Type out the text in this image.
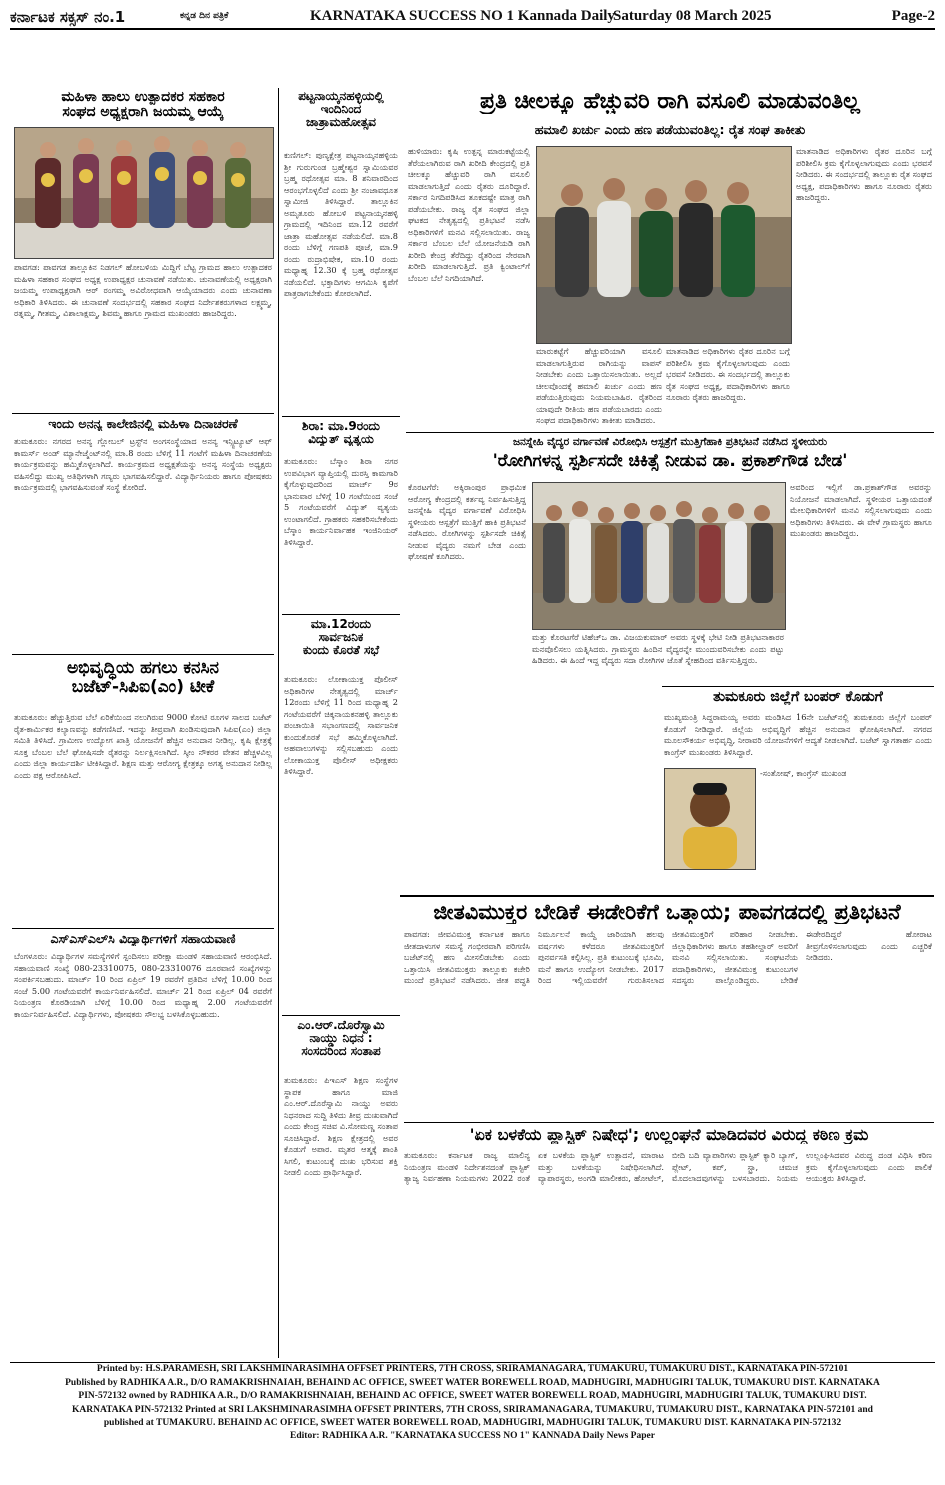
ಕರ್ನಾಟಕ ಸಕ್ಸಸ್ ನಂ.1	ಕನ್ನಡ ದಿನ ಪತ್ರಿಕೆ	KARNATAKA SUCCESS NO 1 Kannada Daily
Saturday 08 March 2025	Page-2
ಮಹಿಳಾ ಹಾಲು ಉತ್ಪಾದಕರ ಸಹಕಾರ
ಸಂಘದ ಅಧ್ಯಕ್ಷರಾಗಿ ಜಯಮ್ಮ ಆಯ್ಕೆ
ಪಾವಗಡ: ಪಾವಗಡ ತಾಲ್ಲೂಕಿನ ನಿಡಗಲ್ ಹೋಬಳಿಯ ಮಿದ್ದಿಗೆ ಬೆಟ್ಟ ಗ್ರಾಮದ ಹಾಲು ಉತ್ಪಾದಕರ ಮಹಿಳಾ ಸಹಕಾರ ಸಂಘದ ಅಧ್ಯಕ್ಷ ಉಪಾಧ್ಯಕ್ಷರ ಚುನಾವಣೆ ನಡೆಯಿತು. ಚುನಾವಣೆಯಲ್ಲಿ ಅಧ್ಯಕ್ಷರಾಗಿ ಜಯಮ್ಮ ಉಪಾಧ್ಯಕ್ಷರಾಗಿ ಆರ್ ರಂಗಮ್ಮ ಅವಿರೋಧವಾಗಿ ಆಯ್ಕೆಯಾದರು ಎಂದು ಚುನಾವಣಾ ಅಧಿಕಾರಿ ತಿಳಿಸಿದರು. ಈ ಚುನಾವಣೆ ಸಂದರ್ಭದಲ್ಲಿ ಸಹಕಾರ ಸಂಘದ ನಿರ್ದೇಶಕರುಗಳಾದ ಲಕ್ಷ್ಮಮ್ಮ, ರತ್ನಮ್ಮ, ಗೀತಮ್ಮ, ವಿಶಾಲಾಕ್ಷಮ್ಮ, ಶಿವಮ್ಮ ಹಾಗೂ ಗ್ರಾಮದ ಮುಖಂಡರು ಹಾಜರಿದ್ದರು.
ಇಂದು ಅನನ್ಯ ಕಾಲೇಜಿನಲ್ಲಿ ಮಹಿಳಾ ದಿನಾಚರಣೆ
ತುಮಕೂರು: ನಗರದ ಅನನ್ಯ ಗ್ಲೋಬಲ್ ಟ್ರಸ್ಟ್‌ನ ಅಂಗಸಂಸ್ಥೆಯಾದ ಅನನ್ಯ ಇನ್ಸ್ಟಿಟ್ಯೂಟ್ ಆಫ್ ಕಾಮರ್ಸ್ ಅಂಡ್ ಮ್ಯಾನೇಜ್ಮೆಂಟ್‌ನಲ್ಲಿ ಮಾ.8 ರಂದು ಬೆಳಿಗ್ಗೆ 11 ಗಂಟೆಗೆ ಮಹಿಳಾ ದಿನಾಚರಣೆಯ ಕಾರ್ಯಕ್ರಮವನ್ನು ಹಮ್ಮಿಕೊಳ್ಳಲಾಗಿದೆ. ಕಾರ್ಯಕ್ರಮದ ಅಧ್ಯಕ್ಷತೆಯನ್ನು ಅನನ್ಯ ಸಂಸ್ಥೆಯ ಅಧ್ಯಕ್ಷರು ವಹಿಸಲಿದ್ದು ಮುಖ್ಯ ಅತಿಥಿಗಳಾಗಿ ಗಣ್ಯರು ಭಾಗವಹಿಸಲಿದ್ದಾರೆ. ವಿದ್ಯಾರ್ಥಿನಿಯರು ಹಾಗೂ ಪೋಷಕರು ಕಾರ್ಯಕ್ರಮದಲ್ಲಿ ಭಾಗವಹಿಸುವಂತೆ ಸಂಸ್ಥೆ ಕೋರಿದೆ.
ಅಭಿವೃದ್ಧಿಯ ಹಗಲು ಕನಸಿನ
ಬಜೆಟ್-ಸಿಪಿಐ(ಎಂ) ಟೀಕೆ
ತುಮಕೂರು: ಹೆಚ್ಚುತ್ತಿರುವ ಬೆಲೆ ಏರಿಕೆಯಿಂದ ನಲುಗಿರುವ 9000 ಕೋಟಿ ರೂಗಳ ಸಾಲದ ಬಜೆಟ್ ರೈತ-ಕಾರ್ಮಿಕರ ಕಲ್ಯಾಣವನ್ನು ಕಡೆಗಣಿಸಿದೆ. ಇದನ್ನು ತೀವ್ರವಾಗಿ ಖಂಡಿಸುವುದಾಗಿ ಸಿಪಿಐ(ಎಂ) ಜಿಲ್ಲಾ ಸಮಿತಿ ತಿಳಿಸಿದೆ. ಗ್ರಾಮೀಣ ಉದ್ಯೋಗ ಖಾತ್ರಿ ಯೋಜನೆಗೆ ಹೆಚ್ಚಿನ ಅನುದಾನ ನೀಡಿಲ್ಲ. ಕೃಷಿ ಕ್ಷೇತ್ರಕ್ಕೆ ಸೂಕ್ತ ಬೆಂಬಲ ಬೆಲೆ ಘೋಷಿಸದೇ ರೈತರನ್ನು ನಿರ್ಲಕ್ಷಿಸಲಾಗಿದೆ. ಸ್ಕೀಂ ನೌಕರರ ವೇತನ ಹೆಚ್ಚಳವಿಲ್ಲ ಎಂದು ಜಿಲ್ಲಾ ಕಾರ್ಯದರ್ಶಿ ಟೀಕಿಸಿದ್ದಾರೆ. ಶಿಕ್ಷಣ ಮತ್ತು ಆರೋಗ್ಯ ಕ್ಷೇತ್ರಕ್ಕೂ ಅಗತ್ಯ ಅನುದಾನ ನೀಡಿಲ್ಲ ಎಂದು ಪಕ್ಷ ಆರೋಪಿಸಿದೆ.
ಎಸ್‌ಎಸ್‌ಎಲ್‌ಸಿ ವಿದ್ಯಾರ್ಥಿಗಳಿಗೆ ಸಹಾಯವಾಣಿ
ಬೆಂಗಳೂರು: ವಿದ್ಯಾರ್ಥಿಗಳ ಸಮಸ್ಯೆಗಳಿಗೆ ಸ್ಪಂದಿಸಲು ಪರೀಕ್ಷಾ ಮಂಡಳಿ ಸಹಾಯವಾಣಿ ಆರಂಭಿಸಿದೆ. ಸಹಾಯವಾಣಿ ಸಂಖ್ಯೆ 080-23310075, 080-23310076 ದೂರವಾಣಿ ಸಂಖ್ಯೆಗಳನ್ನು ಸಂಪರ್ಕಿಸಬಹುದು. ಮಾರ್ಚ್ 10 ರಿಂದ ಏಪ್ರಿಲ್ 19 ರವರೆಗೆ ಪ್ರತಿದಿನ ಬೆಳಿಗ್ಗೆ 10.00 ರಿಂದ ಸಂಜೆ 5.00 ಗಂಟೆಯವರೆಗೆ ಕಾರ್ಯನಿರ್ವಹಿಸಲಿದೆ. ಮಾರ್ಚ್ 21 ರಿಂದ ಏಪ್ರಿಲ್ 04 ರವರೆಗೆ ನಿಯಂತ್ರಣ ಕೊಠಡಿಯಾಗಿ ಬೆಳಿಗ್ಗೆ 10.00 ರಿಂದ ಮಧ್ಯಾಹ್ನ 2.00 ಗಂಟೆಯವರೆಗೆ ಕಾರ್ಯನಿರ್ವಹಿಸಲಿದೆ. ವಿದ್ಯಾರ್ಥಿಗಳು, ಪೋಷಕರು ಸೌಲಭ್ಯ ಬಳಸಿಕೊಳ್ಳಬಹುದು.
ಪಟ್ಟನಾಯ್ಕನಹಳ್ಳಿಯಲ್ಲಿ
ಇಂದಿನಿಂದ
ಜಾತ್ರಾಮಹೋತ್ಸವ
ಕುಣಿಗಲ್: ಪುಣ್ಯಕ್ಷೇತ್ರ ಪಟ್ಟನಾಯ್ಕನಹಳ್ಳಿಯ ಶ್ರೀ ಗುರುಗುಂಡ ಬ್ರಹ್ಮೇಶ್ವರ ಸ್ವಾಮಿಯವರ ಬ್ರಹ್ಮ ರಥೋತ್ಸವ ಮಾ. 8 ಶನಿವಾರದಿಂದ ಆರಂಭಗೊಳ್ಳಲಿದೆ ಎಂದು ಶ್ರೀ ನಂಜಾವಧೂತ ಸ್ವಾಮೀಜಿ ತಿಳಿಸಿದ್ದಾರೆ. ತಾಲ್ಲೂಕಿನ ಅಮೃತೂರು ಹೋಬಳಿ ಪಟ್ಟನಾಯ್ಕನಹಳ್ಳಿ ಗ್ರಾಮದಲ್ಲಿ ಇದಿನಿಂದ ಮಾ.12 ರವರೆಗೆ ಜಾತ್ರಾ ಮಹೋತ್ಸವ ನಡೆಯಲಿದೆ. ಮಾ.8 ರಂದು ಬೆಳಿಗ್ಗೆ ಗಣಪತಿ ಪೂಜೆ, ಮಾ.9 ರಂದು ರುದ್ರಾಭಿಷೇಕ, ಮಾ.10 ರಂದು ಮಧ್ಯಾಹ್ನ 12.30 ಕ್ಕೆ ಬ್ರಹ್ಮ ರಥೋತ್ಸವ ನಡೆಯಲಿದೆ. ಭಕ್ತಾದಿಗಳು ಆಗಮಿಸಿ ಕೃಪೆಗೆ ಪಾತ್ರರಾಗಬೇಕೆಂದು ಕೋರಲಾಗಿದೆ.
ಶಿರಾ: ಮಾ.9ರಂದು
ವಿದ್ಯುತ್ ವ್ಯತ್ಯಯ
ತುಮಕೂರು: ಬೆಸ್ಕಾಂ ಶಿರಾ ನಗರ ಉಪವಿಭಾಗ ವ್ಯಾಪ್ತಿಯಲ್ಲಿ ದುರಸ್ತಿ ಕಾಮಗಾರಿ ಕೈಗೊಳ್ಳುವುದರಿಂದ ಮಾರ್ಚ್ 9ರ ಭಾನುವಾರ ಬೆಳಿಗ್ಗೆ 10 ಗಂಟೆಯಿಂದ ಸಂಜೆ 5 ಗಂಟೆಯವರೆಗೆ ವಿದ್ಯುತ್ ವ್ಯತ್ಯಯ ಉಂಟಾಗಲಿದೆ. ಗ್ರಾಹಕರು ಸಹಕರಿಸಬೇಕೆಂದು ಬೆಸ್ಕಾಂ ಕಾರ್ಯನಿರ್ವಾಹಕ ಇಂಜಿನಿಯರ್ ತಿಳಿಸಿದ್ದಾರೆ.
ಮಾ.12ರಂದು
ಸಾರ್ವಜನಿಕ
ಕುಂದು ಕೊರತೆ ಸಭೆ
ತುಮಕೂರು: ಲೋಕಾಯುಕ್ತ ಪೊಲೀಸ್ ಅಧಿಕಾರಿಗಳ ನೇತೃತ್ವದಲ್ಲಿ ಮಾರ್ಚ್ 12ರಂದು ಬೆಳಿಗ್ಗೆ 11 ರಿಂದ ಮಧ್ಯಾಹ್ನ 2 ಗಂಟೆಯವರೆಗೆ ಚಿಕ್ಕನಾಯಕನಹಳ್ಳಿ ತಾಲ್ಲೂಕು ಪಂಚಾಯಿತಿ ಸಭಾಂಗಣದಲ್ಲಿ ಸಾರ್ವಜನಿಕ ಕುಂದುಕೊರತೆ ಸಭೆ ಹಮ್ಮಿಕೊಳ್ಳಲಾಗಿದೆ. ಅಹವಾಲುಗಳನ್ನು ಸಲ್ಲಿಸಬಹುದು ಎಂದು ಲೋಕಾಯುಕ್ತ ಪೊಲೀಸ್ ಅಧೀಕ್ಷಕರು ತಿಳಿಸಿದ್ದಾರೆ.
ಪ್ರತಿ ಚೀಲಕ್ಕೂ ಹೆಚ್ಚುವರಿ ರಾಗಿ ವಸೂಲಿ ಮಾಡುವಂತಿಲ್ಲ
ಹಮಾಲಿ ಖರ್ಚು ಎಂದು ಹಣ ಪಡೆಯುವಂತಿಲ್ಲ: ರೈತ ಸಂಘ ತಾಕೀತು
ಹುಳಿಯಾರು: ಕೃಷಿ ಉತ್ಪನ್ನ ಮಾರುಕಟ್ಟೆಯಲ್ಲಿ ತೆರೆಯಲಾಗಿರುವ ರಾಗಿ ಖರೀದಿ ಕೇಂದ್ರದಲ್ಲಿ ಪ್ರತಿ ಚೀಲಕ್ಕೂ ಹೆಚ್ಚುವರಿ ರಾಗಿ ವಸೂಲಿ ಮಾಡಲಾಗುತ್ತಿದೆ ಎಂದು ರೈತರು ದೂರಿದ್ದಾರೆ. ಸರ್ಕಾರ ನಿಗದಿಪಡಿಸಿದ ತೂಕದಷ್ಟೇ ಮಾತ್ರ ರಾಗಿ ಪಡೆಯಬೇಕು. ರಾಜ್ಯ ರೈತ ಸಂಘದ ಜಿಲ್ಲಾ ಘಟಕದ ನೇತೃತ್ವದಲ್ಲಿ ಪ್ರತಿಭಟನೆ ನಡೆಸಿ ಅಧಿಕಾರಿಗಳಿಗೆ ಮನವಿ ಸಲ್ಲಿಸಲಾಯಿತು. ರಾಜ್ಯ ಸರ್ಕಾರ ಬೆಂಬಲ ಬೆಲೆ ಯೋಜನೆಯಡಿ ರಾಗಿ ಖರೀದಿ ಕೇಂದ್ರ ತೆರೆದಿದ್ದು ರೈತರಿಂದ ನೇರವಾಗಿ ಖರೀದಿ ಮಾಡಲಾಗುತ್ತಿದೆ. ಪ್ರತಿ ಕ್ವಿಂಟಾಲ್‌ಗೆ ಬೆಂಬಲ ಬೆಲೆ ನಿಗದಿಯಾಗಿದೆ.
ಮಾರುಕಟ್ಟೆಗೆ ಹೆಚ್ಚುವರಿಯಾಗಿ ವಸೂಲಿ ಮಾಡಲಾಗುತ್ತಿರುವ ರಾಗಿಯನ್ನು ವಾಪಸ್ ನೀಡಬೇಕು ಎಂದು ಒತ್ತಾಯಿಸಲಾಯಿತು. ಅಲ್ಲದೆ ಚೀಲವೊಂದಕ್ಕೆ ಹಮಾಲಿ ಖರ್ಚು ಎಂದು ಹಣ ಪಡೆಯುತ್ತಿರುವುದು ನಿಯಮಬಾಹಿರ. ರೈತರಿಂದ ಯಾವುದೇ ರೀತಿಯ ಹಣ ಪಡೆಯಬಾರದು ಎಂದು ಸಂಘದ ಪದಾಧಿಕಾರಿಗಳು ತಾಕೀತು ಮಾಡಿದರು.
ಮಾತನಾಡಿದ ಅಧಿಕಾರಿಗಳು ರೈತರ ದೂರಿನ ಬಗ್ಗೆ ಪರಿಶೀಲಿಸಿ ಕ್ರಮ ಕೈಗೊಳ್ಳಲಾಗುವುದು ಎಂದು ಭರವಸೆ ನೀಡಿದರು. ಈ ಸಂದರ್ಭದಲ್ಲಿ ತಾಲ್ಲೂಕು ರೈತ ಸಂಘದ ಅಧ್ಯಕ್ಷ, ಪದಾಧಿಕಾರಿಗಳು ಹಾಗೂ ನೂರಾರು ರೈತರು ಹಾಜರಿದ್ದರು.
ಮಾತನಾಡಿದ ಅಧಿಕಾರಿಗಳು ರೈತರ ದೂರಿನ ಬಗ್ಗೆ ಪರಿಶೀಲಿಸಿ ಕ್ರಮ ಕೈಗೊಳ್ಳಲಾಗುವುದು ಎಂದು ಭರವಸೆ ನೀಡಿದರು. ಈ ಸಂದರ್ಭದಲ್ಲಿ ತಾಲ್ಲೂಕು ರೈತ ಸಂಘದ ಅಧ್ಯಕ್ಷ, ಪದಾಧಿಕಾರಿಗಳು ಹಾಗೂ ನೂರಾರು ರೈತರು ಹಾಜರಿದ್ದರು.
ಜನಸ್ನೇಹಿ ವೈದ್ಯರ ವರ್ಗಾವಣೆ ವಿರೋಧಿಸಿ ಆಸ್ಪತ್ರೆಗೆ ಮುತ್ತಿಗೆಹಾಕಿ ಪ್ರತಿಭಟನೆ ನಡೆಸಿದ ಸ್ಥಳೀಯರು
'ರೋಗಿಗಳನ್ನ ಸ್ಪರ್ಶಿಸದೇ ಚಿಕಿತ್ಸೆ ನೀಡುವ ಡಾ. ಪ್ರಕಾಶ್‌ಗೌಡ ಬೇಡ'
ಕೊರಟಗೆರೆ: ಅಕ್ಕಿರಾಂಪುರ ಪ್ರಾಥಮಿಕ ಆರೋಗ್ಯ ಕೇಂದ್ರದಲ್ಲಿ ಕರ್ತವ್ಯ ನಿರ್ವಹಿಸುತ್ತಿದ್ದ ಜನಸ್ನೇಹಿ ವೈದ್ಯರ ವರ್ಗಾವಣೆ ವಿರೋಧಿಸಿ ಸ್ಥಳೀಯರು ಆಸ್ಪತ್ರೆಗೆ ಮುತ್ತಿಗೆ ಹಾಕಿ ಪ್ರತಿಭಟನೆ ನಡೆಸಿದರು. ರೋಗಿಗಳನ್ನು ಸ್ಪರ್ಶಿಸದೇ ಚಿಕಿತ್ಸೆ ನೀಡುವ ವೈದ್ಯರು ನಮಗೆ ಬೇಡ ಎಂದು ಘೋಷಣೆ ಕೂಗಿದರು.
ಮತ್ತು ಕೊರಟಗೆರೆ ಟಿಹೆಚ್‌ಒ ಡಾ. ವಿಜಯಕುಮಾರ್ ಅವರು ಸ್ಥಳಕ್ಕೆ ಭೇಟಿ ನೀಡಿ ಪ್ರತಿಭಟನಾಕಾರರ ಮನವೊಲಿಸಲು ಯತ್ನಿಸಿದರು. ಗ್ರಾಮಸ್ಥರು ಹಿಂದಿನ ವೈದ್ಯರನ್ನೇ ಮುಂದುವರಿಸಬೇಕು ಎಂದು ಪಟ್ಟು ಹಿಡಿದರು. ಈ ಹಿಂದೆ ಇದ್ದ ವೈದ್ಯರು ಸದಾ ರೋಗಿಗಳ ಜೊತೆ ಸ್ನೇಹದಿಂದ ವರ್ತಿಸುತ್ತಿದ್ದರು.
ಅವರಿಂದ ಇಲ್ಲಿಗೆ ಡಾ.ಪ್ರಕಾಶ್‌ಗೌಡ ಅವರನ್ನು ನಿಯೋಜನೆ ಮಾಡಲಾಗಿದೆ. ಸ್ಥಳೀಯರ ಒತ್ತಾಯದಂತೆ ಮೇಲಧಿಕಾರಿಗಳಿಗೆ ಮನವಿ ಸಲ್ಲಿಸಲಾಗುವುದು ಎಂದು ಅಧಿಕಾರಿಗಳು ತಿಳಿಸಿದರು. ಈ ವೇಳೆ ಗ್ರಾಮಸ್ಥರು ಹಾಗೂ ಮುಖಂಡರು ಹಾಜರಿದ್ದರು.
ತುಮಕೂರು ಜಿಲ್ಲೆಗೆ ಬಂಪರ್ ಕೊಡುಗೆ
ಮುಖ್ಯಮಂತ್ರಿ ಸಿದ್ದರಾಮಯ್ಯ ಅವರು ಮಂಡಿಸಿದ 16ನೇ ಬಜೆಟ್‌ನಲ್ಲಿ ತುಮಕೂರು ಜಿಲ್ಲೆಗೆ ಬಂಪರ್ ಕೊಡುಗೆ ನೀಡಿದ್ದಾರೆ. ಜಿಲ್ಲೆಯ ಅಭಿವೃದ್ಧಿಗೆ ಹೆಚ್ಚಿನ ಅನುದಾನ ಘೋಷಿಸಲಾಗಿದೆ. ನಗರದ ಮೂಲಸೌಕರ್ಯ ಅಭಿವೃದ್ಧಿ, ನೀರಾವರಿ ಯೋಜನೆಗಳಿಗೆ ಆದ್ಯತೆ ನೀಡಲಾಗಿದೆ. ಬಜೆಟ್ ಸ್ವಾಗತಾರ್ಹ ಎಂದು ಕಾಂಗ್ರೆಸ್ ಮುಖಂಡರು ತಿಳಿಸಿದ್ದಾರೆ.
-ಸಂತೋಷ್, ಕಾಂಗ್ರೆಸ್ ಮುಖಂಡ
ಜೀತವಿಮುಕ್ತರ ಬೇಡಿಕೆ ಈಡೇರಿಕೆಗೆ ಒತ್ತಾಯ; ಪಾವಗಡದಲ್ಲಿ ಪ್ರತಿಭಟನೆ
ಪಾವಗಡ: ಜೀವವಿಮುಕ್ತ ಕರ್ನಾಟಕ ಹಾಗೂ ಜೀತದಾಳುಗಳ ಸಮಸ್ಯೆ ಗಂಭೀರವಾಗಿ ಪರಿಗಣಿಸಿ ಬಜೆಟ್‌ನಲ್ಲಿ ಹಣ ಮೀಸಲಿಡಬೇಕು ಎಂದು ಒತ್ತಾಯಿಸಿ ಜೀತವಿಮುಕ್ತರು ತಾಲ್ಲೂಕು ಕಚೇರಿ ಮುಂದೆ ಪ್ರತಿಭಟನೆ ನಡೆಸಿದರು. ಜೀತ ಪದ್ಧತಿ ನಿರ್ಮೂಲನೆ ಕಾಯ್ದೆ ಜಾರಿಯಾಗಿ ಹಲವು ವರ್ಷಗಳು ಕಳೆದರೂ ಜೀತವಿಮುಕ್ತರಿಗೆ ಪುನರ್ವಸತಿ ಕಲ್ಪಿಸಿಲ್ಲ. ಪ್ರತಿ ಕುಟುಂಬಕ್ಕೆ ಭೂಮಿ, ಮನೆ ಹಾಗೂ ಉದ್ಯೋಗ ನೀಡಬೇಕು. 2017 ರಿಂದ ಇಲ್ಲಿಯವರೆಗೆ ಗುರುತಿಸಲಾದ ಜೀತವಿಮುಕ್ತರಿಗೆ ಪರಿಹಾರ ನೀಡಬೇಕು. ಜಿಲ್ಲಾಧಿಕಾರಿಗಳು ಹಾಗೂ ತಹಶೀಲ್ದಾರ್ ಅವರಿಗೆ ಮನವಿ ಸಲ್ಲಿಸಲಾಯಿತು. ಸಂಘಟನೆಯ ಪದಾಧಿಕಾರಿಗಳು, ಜೀತವಿಮುಕ್ತ ಕುಟುಂಬಗಳ ಸದಸ್ಯರು ಪಾಲ್ಗೊಂಡಿದ್ದರು. ಬೇಡಿಕೆ ಈಡೇರದಿದ್ದರೆ ಹೋರಾಟ ತೀವ್ರಗೊಳಿಸಲಾಗುವುದು ಎಂದು ಎಚ್ಚರಿಕೆ ನೀಡಿದರು.
ಎಂ.ಆರ್.ದೊರೆಸ್ವಾಮಿ
ನಾಯ್ಡು ನಿಧನ :
ಸಂಸದರಿಂದ ಸಂತಾಪ
ತುಮಕೂರು: ಪಿಇಎಸ್ ಶಿಕ್ಷಣ ಸಂಸ್ಥೆಗಳ ಸ್ಥಾಪಕ ಹಾಗೂ ಮಾಜಿ ಎಂ.ಆರ್.ದೊರೆಸ್ವಾಮಿ ನಾಯ್ಡು ಅವರು ನಿಧನರಾದ ಸುದ್ದಿ ತಿಳಿದು ತೀವ್ರ ದುಃಖವಾಗಿದೆ ಎಂದು ಕೇಂದ್ರ ಸಚಿವ ವಿ.ಸೋಮಣ್ಣ ಸಂತಾಪ ಸೂಚಿಸಿದ್ದಾರೆ. ಶಿಕ್ಷಣ ಕ್ಷೇತ್ರದಲ್ಲಿ ಅವರ ಕೊಡುಗೆ ಅಪಾರ. ಮೃತರ ಆತ್ಮಕ್ಕೆ ಶಾಂತಿ ಸಿಗಲಿ, ಕುಟುಂಬಕ್ಕೆ ದುಃಖ ಭರಿಸುವ ಶಕ್ತಿ ನೀಡಲಿ ಎಂದು ಪ್ರಾರ್ಥಿಸಿದ್ದಾರೆ.
'ಏಕ ಬಳಕೆಯ ಪ್ಲಾಸ್ಟಿಕ್ ನಿಷೇಧ'; ಉಲ್ಲಂಘನೆ ಮಾಡಿದವರ ವಿರುದ್ಧ ಕಠಿಣ ಕ್ರಮ
ತುಮಕೂರು: ಕರ್ನಾಟಕ ರಾಜ್ಯ ಮಾಲಿನ್ಯ ನಿಯಂತ್ರಣ ಮಂಡಳಿ ನಿರ್ದೇಶನದಂತೆ ಪ್ಲಾಸ್ಟಿಕ್ ತ್ಯಾಜ್ಯ ನಿರ್ವಹಣಾ ನಿಯಮಗಳು 2022 ರಂತೆ ಏಕ ಬಳಕೆಯ ಪ್ಲಾಸ್ಟಿಕ್ ಉತ್ಪಾದನೆ, ಮಾರಾಟ ಮತ್ತು ಬಳಕೆಯನ್ನು ನಿಷೇಧಿಸಲಾಗಿದೆ. ವ್ಯಾಪಾರಸ್ಥರು, ಅಂಗಡಿ ಮಾಲೀಕರು, ಹೋಟೆಲ್, ಬೀದಿ ಬದಿ ವ್ಯಾಪಾರಿಗಳು ಪ್ಲಾಸ್ಟಿಕ್ ಕ್ಯಾರಿ ಬ್ಯಾಗ್, ಪ್ಲೇಟ್, ಕಪ್, ಸ್ಟ್ರಾ, ಚಮಚ ಮೊದಲಾದವುಗಳನ್ನು ಬಳಸಬಾರದು. ನಿಯಮ ಉಲ್ಲಂಘಿಸಿದವರ ವಿರುದ್ಧ ದಂಡ ವಿಧಿಸಿ ಕಠಿಣ ಕ್ರಮ ಕೈಗೊಳ್ಳಲಾಗುವುದು ಎಂದು ಪಾಲಿಕೆ ಆಯುಕ್ತರು ತಿಳಿಸಿದ್ದಾರೆ.
Printed by: H.S.PARAMESH, SRI LAKSHMINARASIMHA OFFSET PRINTERS, 7TH CROSS, SRIRAMANAGARA, TUMAKURU, TUMAKURU DIST., KARNATAKA PIN-572101
Published by RADHIKA A.R., D/O RAMAKRISHNAIAH, BEHAIND AC OFFICE, SWEET WATER BOREWELL ROAD, MADHUGIRI, MADHUGIRI TALUK, TUMAKURU DIST. KARNATAKA
PIN-572132 owned by RADHIKA A.R., D/O RAMAKRISHNAIAH, BEHAIND AC OFFICE, SWEET WATER BOREWELL ROAD, MADHUGIRI, MADHUGIRI TALUK, TUMAKURU DIST.
KARNATAKA PIN-572132 Printed at SRI LAKSHMINARASIMHA OFFSET PRINTERS, 7TH CROSS, SRIRAMANAGARA, TUMAKURU, TUMAKURU DIST., KARNATAKA PIN-572101 and
published at TUMAKURU. BEHAIND AC OFFICE, SWEET WATER BOREWELL ROAD, MADHUGIRI, MADHUGIRI TALUK, TUMAKURU DIST. KARNATAKA PIN-572132
Editor: RADHIKA A.R. "KARNATAKA SUCCESS NO 1" KANNADA Daily News Paper
